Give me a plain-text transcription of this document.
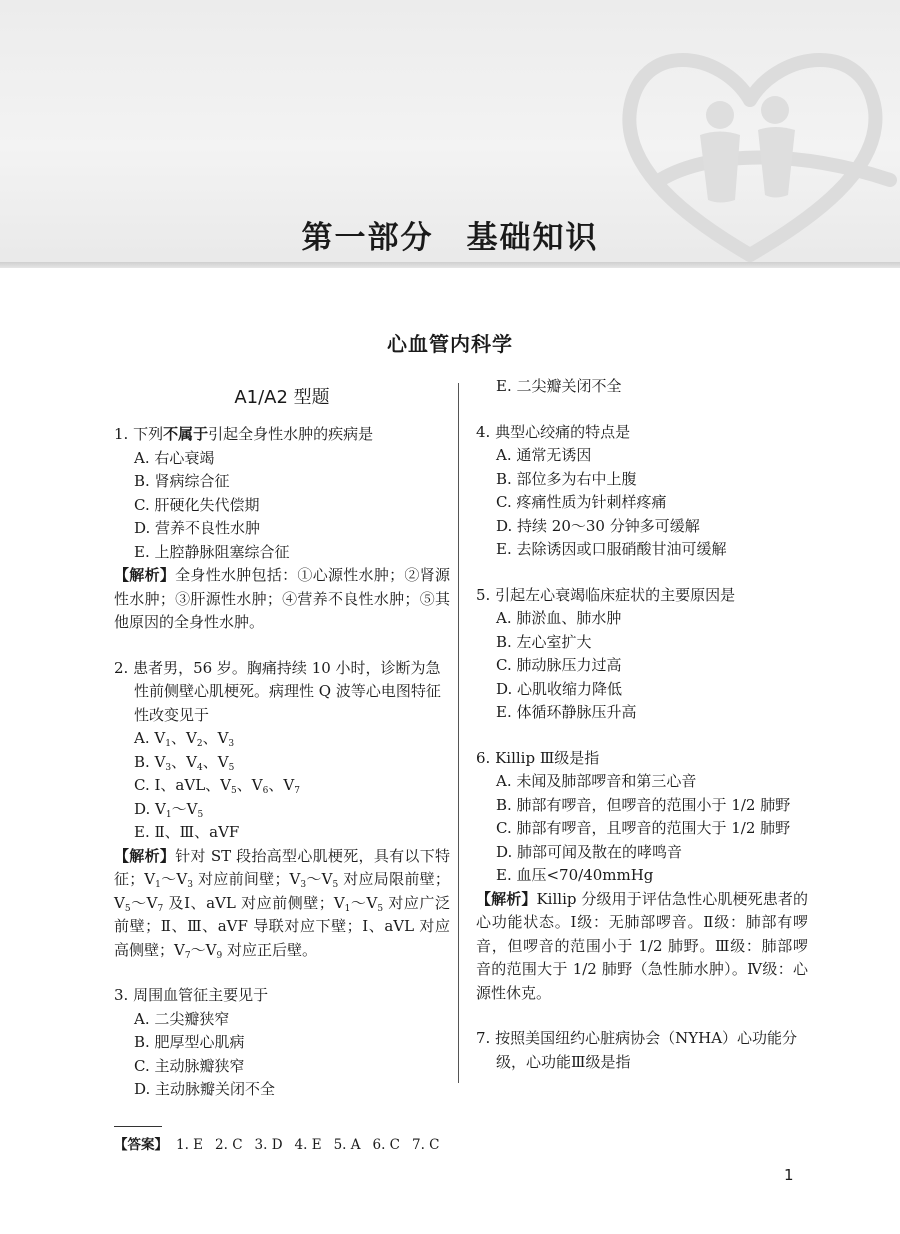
第一部分　基础知识
心血管内科学
A1/A2 型题
1. 下列不属于引起全身性水肿的疾病是
A. 右心衰竭
B. 肾病综合征
C. 肝硬化失代偿期
D. 营养不良性水肿
E. 上腔静脉阻塞综合征
【解析】全身性水肿包括：①心源性水肿；②肾源性水肿；③肝源性水肿；④营养不良性水肿；⑤其他原因的全身性水肿。
2. 患者男，56 岁。胸痛持续 10 小时，诊断为急性前侧壁心肌梗死。病理性 Q 波等心电图特征性改变见于
A. $V_1$、$V_2$、$V_3$
B. $V_3$、$V_4$、$V_5$
C. Ⅰ、aVL、$V_5$、$V_6$、$V_7$
D. $V_1\sim V_5$
E. Ⅱ、Ⅲ、aVF
【解析】针对 ST 段抬高型心肌梗死，具有以下特征；$V_1\sim V_3$ 对应前间壁；$V_3\sim V_5$ 对应局限前壁；$V_5\sim V_7$ 及Ⅰ、aVL 对应前侧壁；$V_1\sim V_5$ 对应广泛前壁；Ⅱ、Ⅲ、aVF 导联对应下壁；Ⅰ、aVL 对应高侧壁；$V_7\sim V_9$ 对应正后壁。
3. 周围血管征主要见于
A. 二尖瓣狭窄
B. 肥厚型心肌病
C. 主动脉瓣狭窄
D. 主动脉瓣关闭不全
E. 二尖瓣关闭不全
4. 典型心绞痛的特点是
A. 通常无诱因
B. 部位多为右中上腹
C. 疼痛性质为针刺样疼痛
D. 持续 20～30 分钟多可缓解
E. 去除诱因或口服硝酸甘油可缓解
5. 引起左心衰竭临床症状的主要原因是
A. 肺淤血、肺水肿
B. 左心室扩大
C. 肺动脉压力过高
D. 心肌收缩力降低
E. 体循环静脉压升高
6. Killip Ⅲ级是指
A. 未闻及肺部啰音和第三心音
B. 肺部有啰音，但啰音的范围小于 1/2 肺野
C. 肺部有啰音，且啰音的范围大于 1/2 肺野
D. 肺部可闻及散在的哮鸣音
E. 血压<70/40mmHg
【解析】Killip 分级用于评估急性心肌梗死患者的心功能状态。Ⅰ级：无肺部啰音。Ⅱ级：肺部有啰音，但啰音的范围小于 1/2 肺野。Ⅲ级：肺部啰音的范围大于 1/2 肺野（急性肺水肿）。Ⅳ级：心源性休克。
7. 按照美国纽约心脏病协会（NYHA）心功能分级，心功能Ⅲ级是指
【答案】 1. E 2. C 3. D 4. E 5. A 6. C 7. C
1
